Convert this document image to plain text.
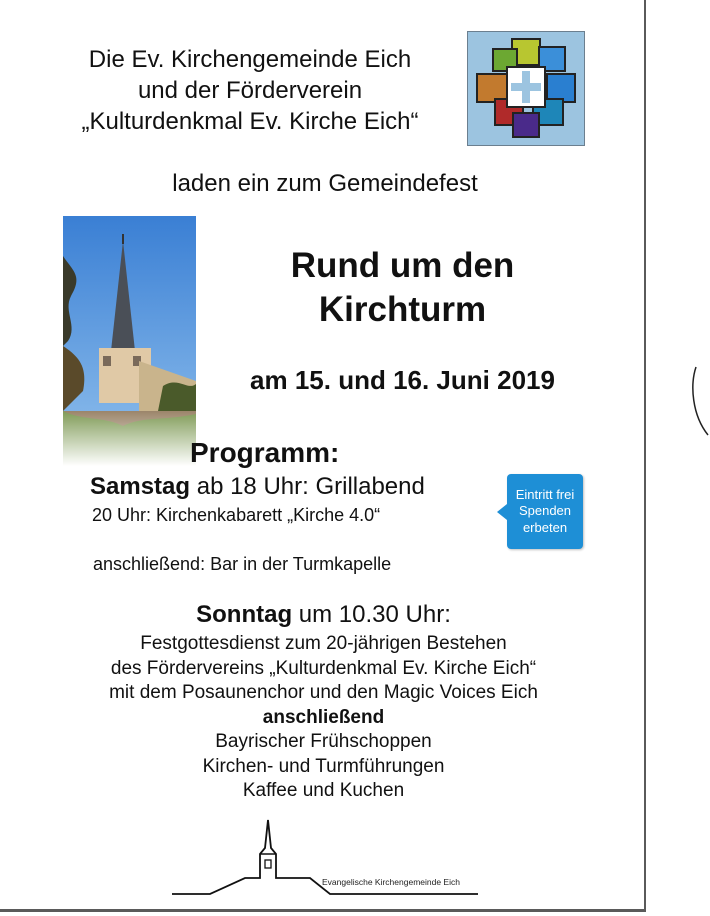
Die Ev. Kirchengemeinde Eich
und der Förderverein
„Kulturdenkmal Ev. Kirche Eich“
laden ein zum Gemeindefest
Rund um den
Kirchturm
am 15. und 16. Juni 2019
Programm:
Samstag ab 18 Uhr: Grillabend
20 Uhr: Kirchenkabarett „Kirche 4.0“
anschließend: Bar in der Turmkapelle
Eintritt frei
Spenden
erbeten
Sonntag um 10.30 Uhr:
Festgottesdienst zum 20-jährigen Bestehen
des Fördervereins „Kulturdenkmal Ev. Kirche Eich“
mit dem Posaunenchor und den Magic Voices Eich
anschließend
Bayrischer Frühschoppen
Kirchen- und Turmführungen
Kaffee und Kuchen
Evangelische Kirchengemeinde Eich
